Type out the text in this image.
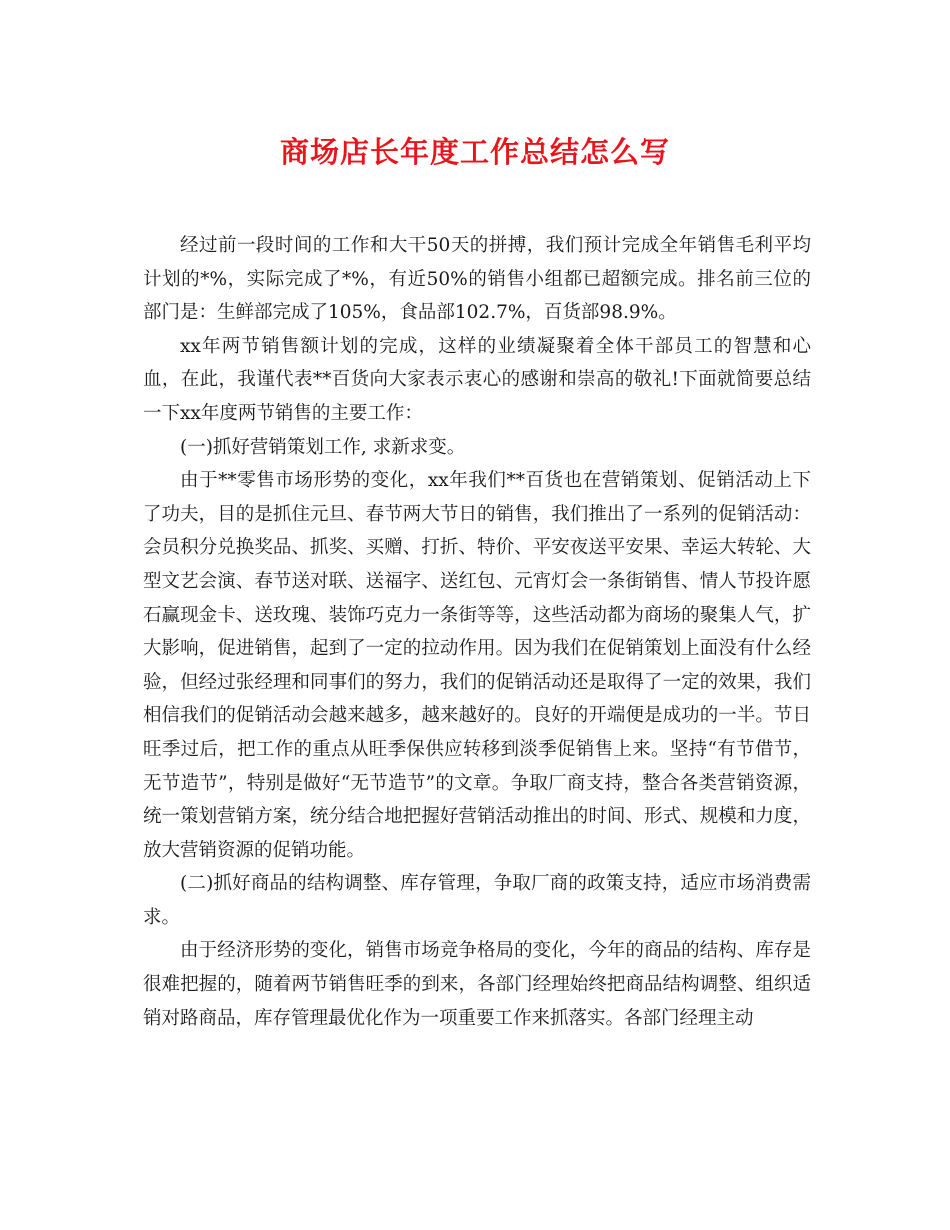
商场店长年度工作总结怎么写

经过前一段时间的工作和大干50天的拼搏，我们预计完成全年销售毛利平均计划的*%，实际完成了*%，有近50%的销售小组都已超额完成。排名前三位的部门是：生鲜部完成了105%，食品部102.7%，百货部98.9%。

xx年两节销售额计划的完成，这样的业绩凝聚着全体干部员工的智慧和心血，在此，我谨代表**百货向大家表示衷心的感谢和崇高的敬礼!下面就简要总结一下xx年度两节销售的主要工作：

(一)抓好营销策划工作, 求新求变。

由于**零售市场形势的变化，xx年我们**百货也在营销策划、促销活动上下了功夫，目的是抓住元旦、春节两大节日的销售，我们推出了一系列的促销活动：会员积分兑换奖品、抓奖、买赠、打折、特价、平安夜送平安果、幸运大转轮、大型文艺会演、春节送对联、送福字、送红包、元宵灯会一条街销售、情人节投许愿石赢现金卡、送玫瑰、装饰巧克力一条街等等，这些活动都为商场的聚集人气，扩大影响，促进销售，起到了一定的拉动作用。因为我们在促销策划上面没有什么经验，但经过张经理和同事们的努力，我们的促销活动还是取得了一定的效果，我们相信我们的促销活动会越来越多，越来越好的。良好的开端便是成功的一半。节日旺季过后，把工作的重点从旺季保供应转移到淡季促销售上来。坚持“有节借节，无节造节”，特别是做好“无节造节”的文章。争取厂商支持，整合各类营销资源，统一策划营销方案，统分结合地把握好营销活动推出的时间、形式、规模和力度，放大营销资源的促销功能。

(二)抓好商品的结构调整、库存管理，争取厂商的政策支持，适应市场消费需求。

由于经济形势的变化，销售市场竞争格局的变化，今年的商品的结构、库存是很难把握的，随着两节销售旺季的到来，各部门经理始终把商品结构调整、组织适销对路商品，库存管理最优化作为一项重要工作来抓落实。各部门经理主动
